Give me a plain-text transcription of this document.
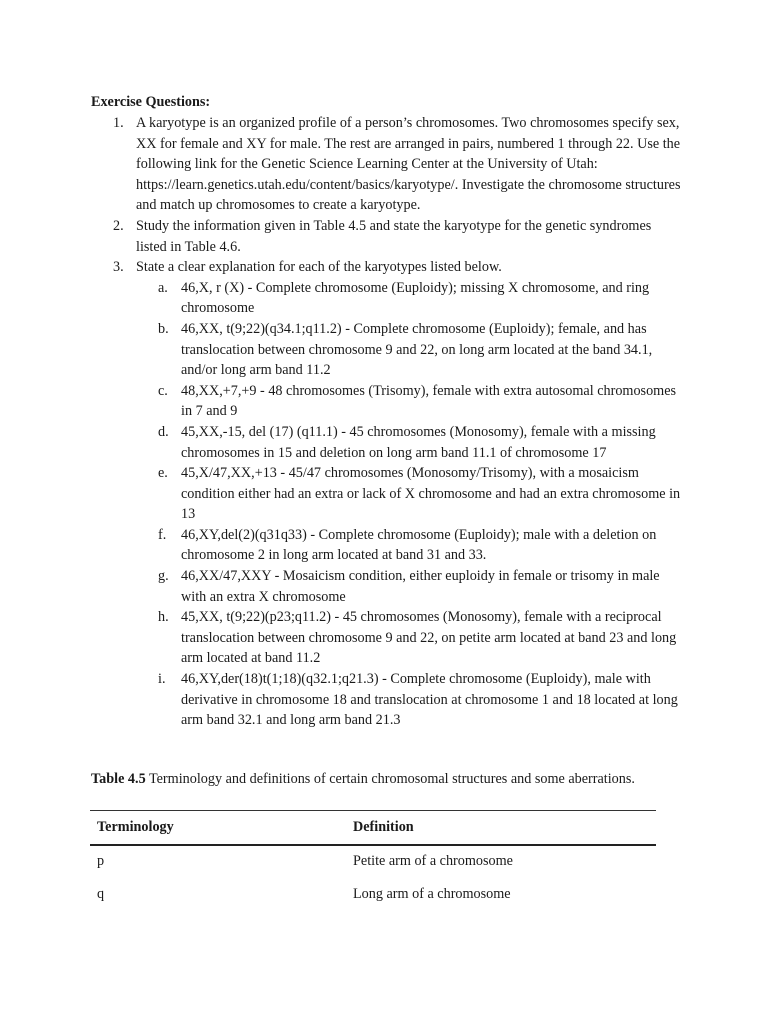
Exercise Questions:
1. A karyotype is an organized profile of a person’s chromosomes. Two chromosomes specify sex, XX for female and XY for male. The rest are arranged in pairs, numbered 1 through 22. Use the following link for the Genetic Science Learning Center at the University of Utah: https://learn.genetics.utah.edu/content/basics/karyotype/. Investigate the chromosome structures and match up chromosomes to create a karyotype.
2. Study the information given in Table 4.5 and state the karyotype for the genetic syndromes listed in Table 4.6.
3. State a clear explanation for each of the karyotypes listed below.
a. 46,X, r (X) - Complete chromosome (Euploidy); missing X chromosome, and ring chromosome
b. 46,XX, t(9;22)(q34.1;q11.2) - Complete chromosome (Euploidy); female, and has translocation between chromosome 9 and 22, on long arm located at the band 34.1, and/or long arm band 11.2
c. 48,XX,+7,+9 - 48 chromosomes (Trisomy), female with extra autosomal chromosomes in 7 and 9
d. 45,XX,-15, del (17) (q11.1) - 45 chromosomes (Monosomy), female with a missing chromosomes in 15 and deletion on long arm band 11.1 of chromosome 17
e. 45,X/47,XX,+13 - 45/47 chromosomes (Monosomy/Trisomy), with a mosaicism condition either had an extra or lack of X chromosome and had an extra chromosome in 13
f. 46,XY,del(2)(q31q33) - Complete chromosome (Euploidy); male with a deletion on chromosome 2 in long arm located at band 31 and 33.
g. 46,XX/47,XXY - Mosaicism condition, either euploidy in female or trisomy in male with an extra X chromosome
h. 45,XX, t(9;22)(p23;q11.2) - 45 chromosomes (Monosomy), female with a reciprocal translocation between chromosome 9 and 22, on petite arm located at band 23 and long arm located at band 11.2
i. 46,XY,der(18)t(1;18)(q32.1;q21.3) - Complete chromosome (Euploidy), male with derivative in chromosome 18 and translocation at chromosome 1 and 18 located at long arm band 32.1 and long arm band 21.3
Table 4.5 Terminology and definitions of certain chromosomal structures and some aberrations.
Terminology	Definition
p	Petite arm of a chromosome
q	Long arm of a chromosome
